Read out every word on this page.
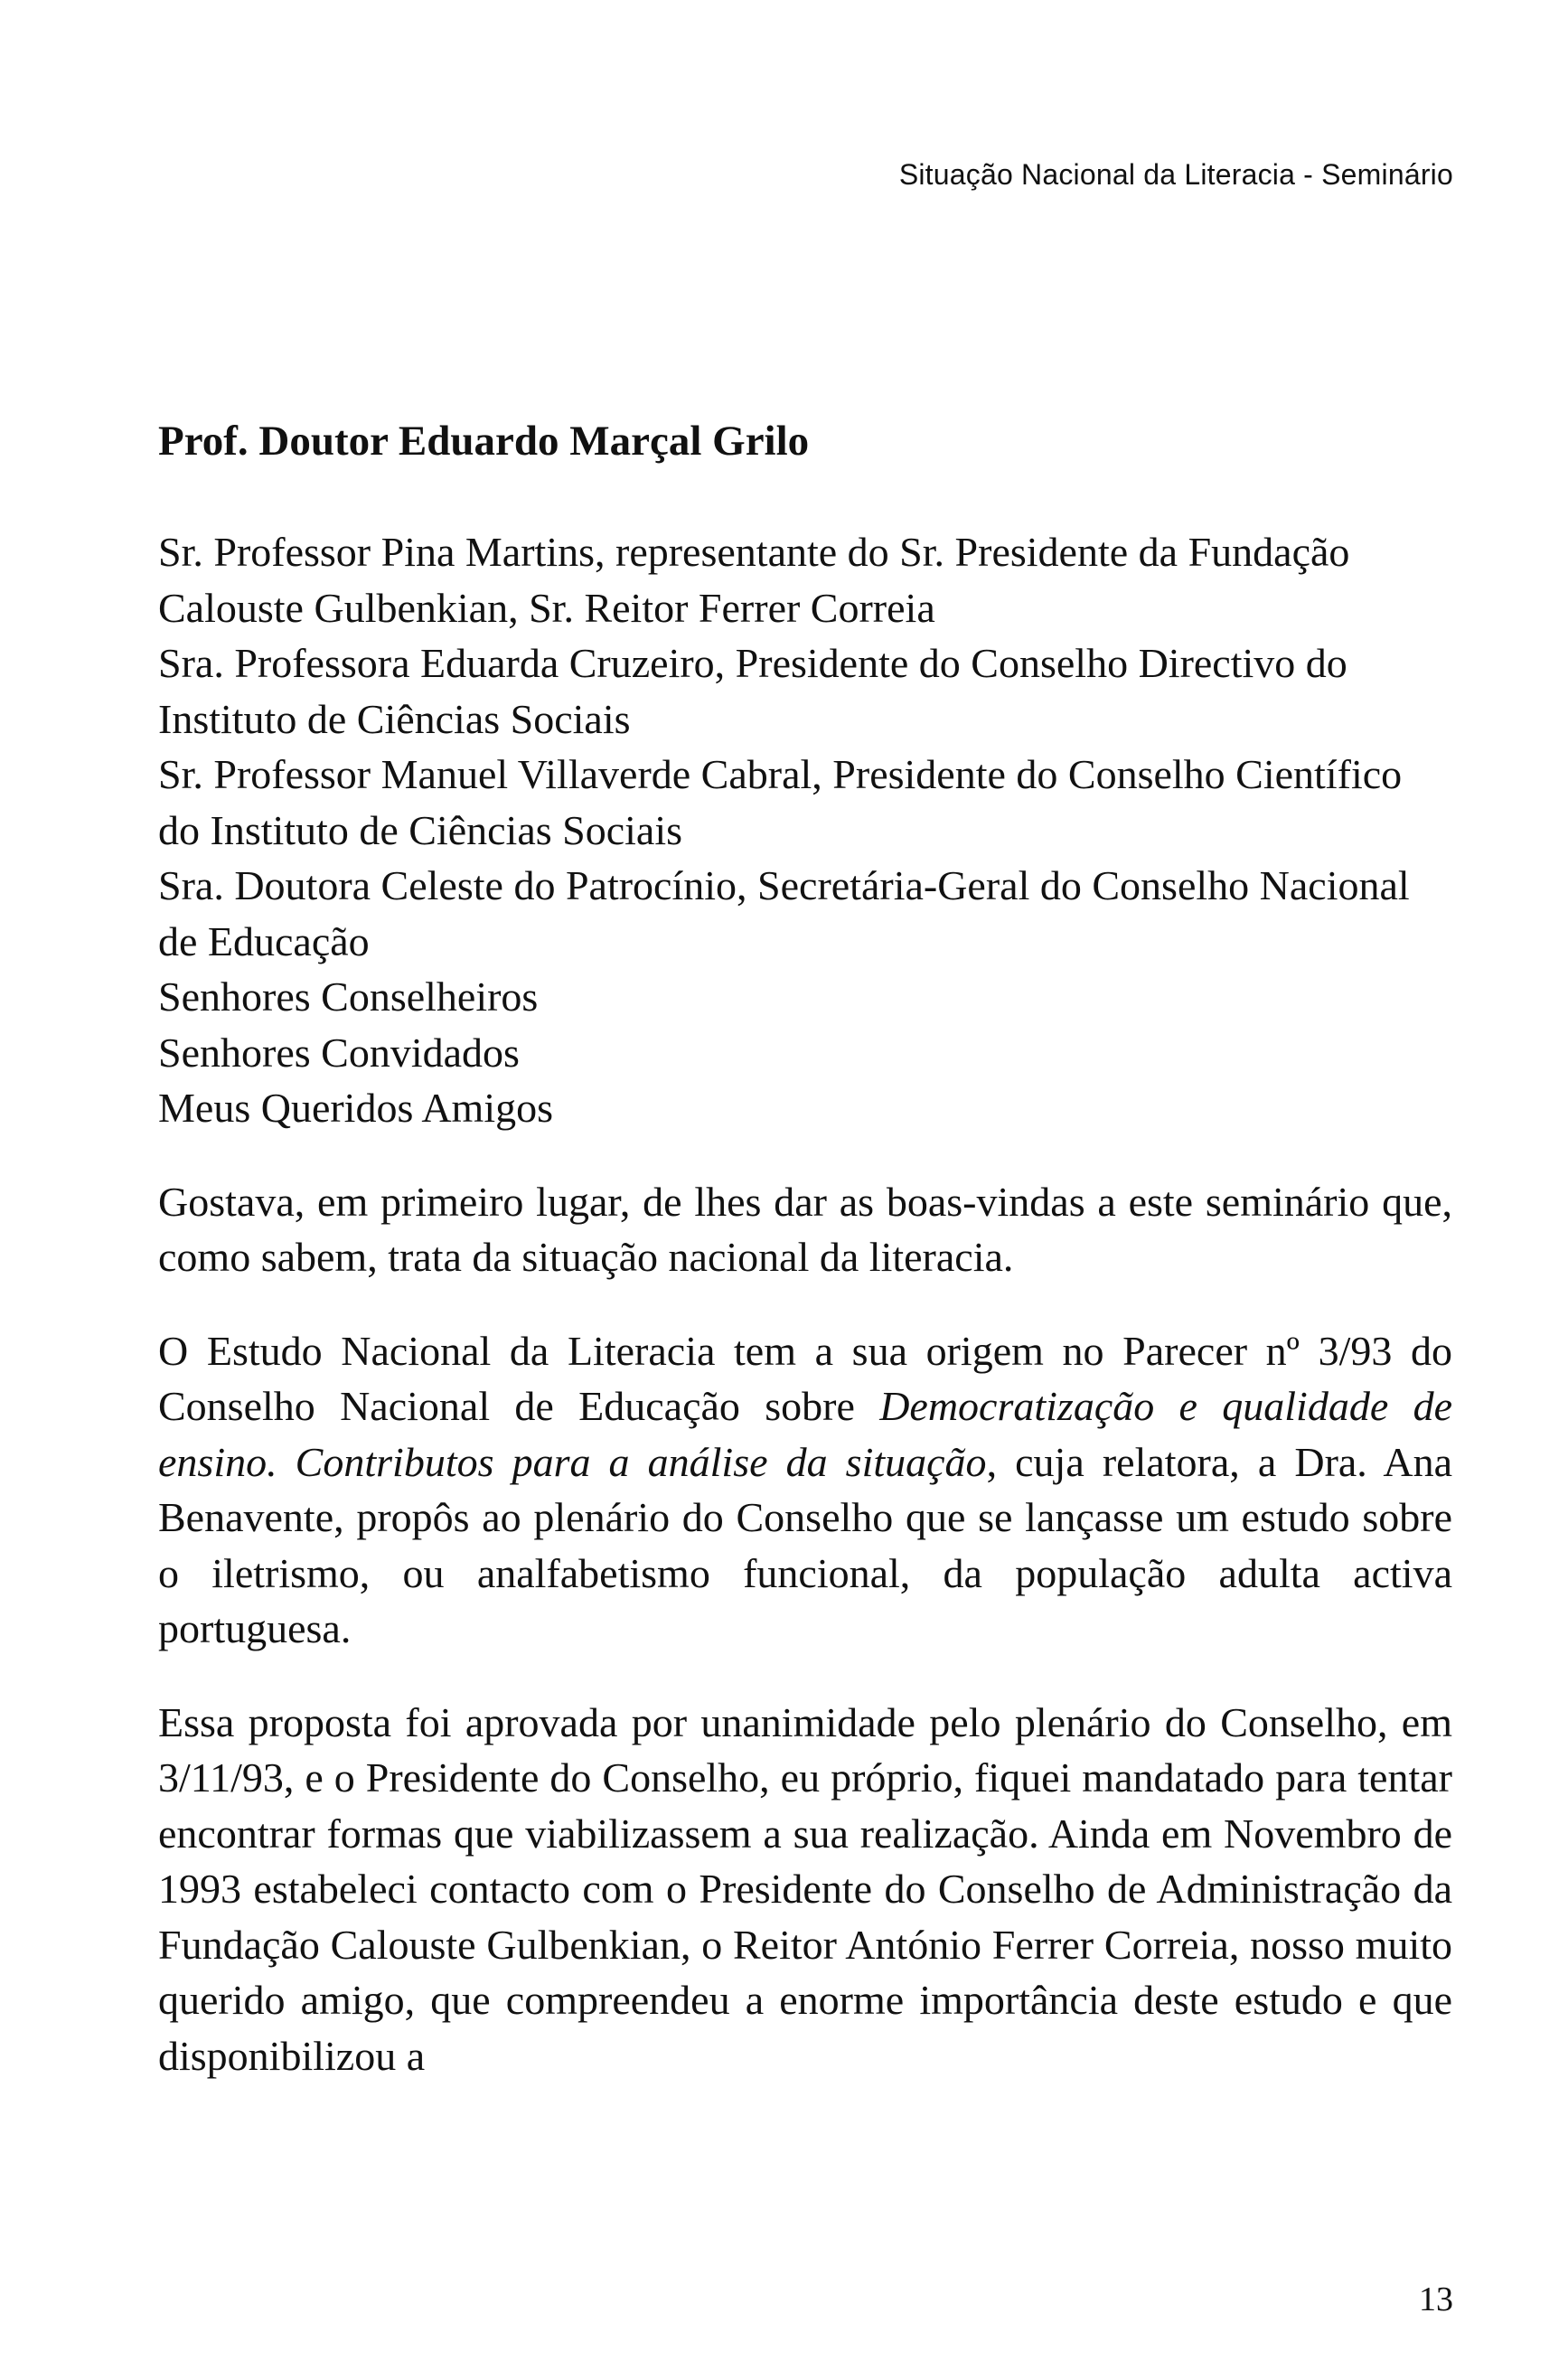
Situação Nacional da Literacia - Seminário

Prof. Doutor Eduardo Marçal Grilo
Sr. Professor Pina Martins, representante do Sr. Presidente da Fundação Calouste Gulbenkian, Sr. Reitor Ferrer Correia
Sra. Professora Eduarda Cruzeiro, Presidente do Conselho Directivo do Instituto de Ciências Sociais
Sr. Professor Manuel Villaverde Cabral, Presidente do Conselho Científico do Instituto de Ciências Sociais
Sra. Doutora Celeste do Patrocínio, Secretária-Geral do Conselho Nacional de Educação
Senhores Conselheiros
Senhores Convidados
Meus Queridos Amigos

Gostava, em primeiro lugar, de lhes dar as boas-vindas a este seminário que, como sabem, trata da situação nacional da literacia.

O Estudo Nacional da Literacia tem a sua origem no Parecer nº 3/93 do Conselho Nacional de Educação sobre Democratização e qualidade de ensino. Contributos para a análise da situação, cuja relatora, a Dra. Ana Benavente, propôs ao plenário do Conselho que se lançasse um estudo sobre o iletrismo, ou analfabetismo funcional, da população adulta activa portuguesa.

Essa proposta foi aprovada por unanimidade pelo plenário do Conselho, em 3/11/93, e o Presidente do Conselho, eu próprio, fiquei mandatado para tentar encontrar formas que viabilizassem a sua realização. Ainda em Novembro de 1993 estabeleci contacto com o Presidente do Conselho de Administração da Fundação Calouste Gulbenkian, o Reitor António Ferrer Correia, nosso muito querido amigo, que compreendeu a enorme importância deste estudo e que disponibilizou a

13
